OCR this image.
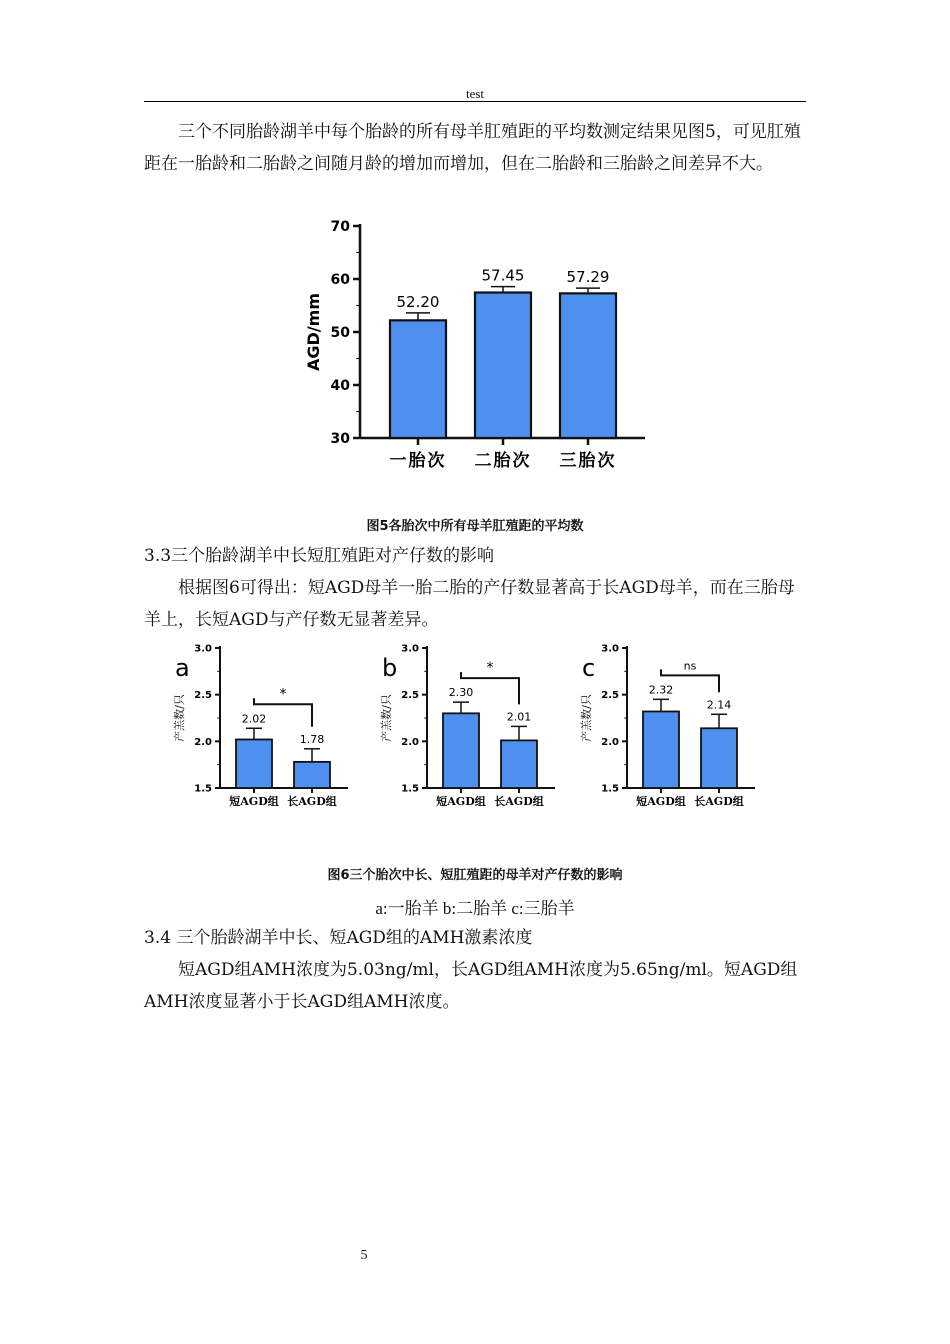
test

三个不同胎龄湖羊中每个胎龄的所有母羊肛殖距的平均数测定结果见图5，可见肛殖距在一胎龄和二胎龄之间随月龄的增加而增加，但在二胎龄和三胎龄之间差异不大。

30
40
50
60
70
AGD/mm	52.20
一胎次
57.45
二胎次
57.29
三胎次
图5各胎次中所有母羊肛殖距的平均数

3.3三个胎龄湖羊中长短肛殖距对产仔数的影响

根据图6可得出：短AGD母羊一胎二胎的产仔数显著高于长AGD母羊，而在三胎母羊上，长短AGD与产仔数无显著差异。

1.5
2.0
2.5
3.0
产羔数/只	2.02
短AGD组
1.78
长AGD组
*
a
1.5
2.0
2.5
3.0
产羔数/只
2.30
短AGD组
2.01
长AGD组
*
b
1.5
2.0
2.5
3.0
产羔数/只
2.32
短AGD组
2.14
长AGD组
ns
c
图6三个胎次中长、短肛殖距的母羊对产仔数的影响
a:一胎羊 b:二胎羊 c:三胎羊

3.4 三个胎龄湖羊中长、短AGD组的AMH激素浓度

短AGD组AMH浓度为5.03ng/ml，长AGD组AMH浓度为5.65ng/ml。短AGD组AMH浓度显著小于长AGD组AMH浓度。

5
